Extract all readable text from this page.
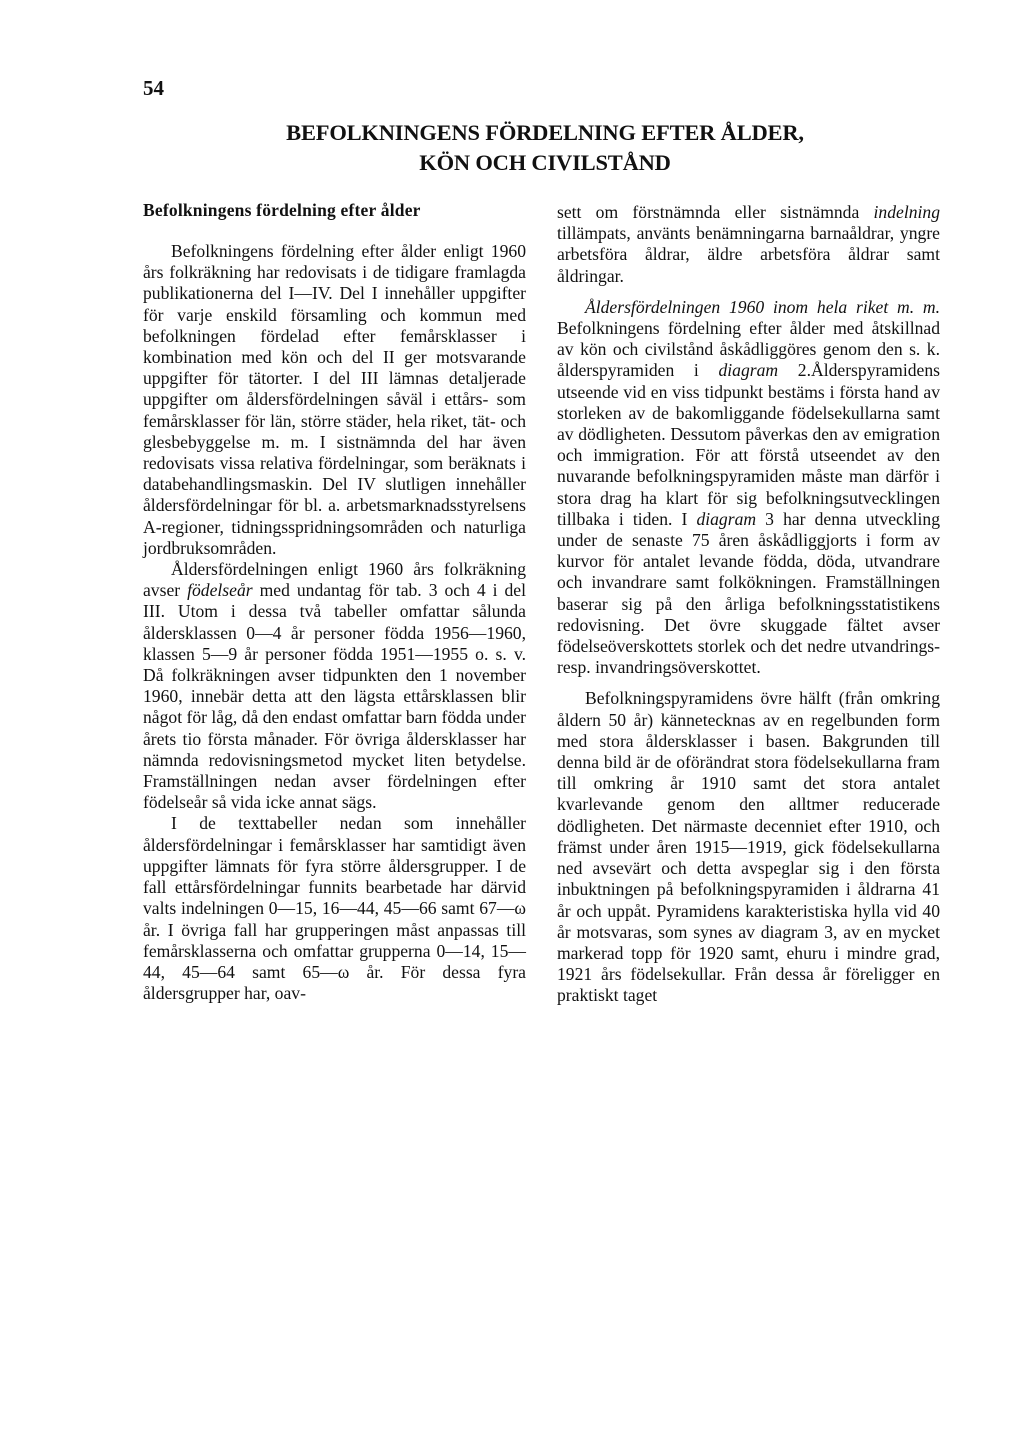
54
BEFOLKNINGENS FÖRDELNING EFTER ÅLDER,
KÖN OCH CIVILSTÅND
Befolkningens fördelning efter ålder

Befolkningens fördelning efter ålder enligt 1960 års folkräkning har redovisats i de tidigare framlagda publikationerna del I—IV. Del I innehåller uppgifter för varje enskild församling och kommun med befolkningen fördelad efter femårsklasser i kombination med kön och del II ger motsvarande uppgifter för tätorter. I del III lämnas detaljerade uppgifter om åldersfördelningen såväl i ettårs- som femårsklasser för län, större städer, hela riket, tät- och glesbebyggelse m. m. I sistnämnda del har även redovisats vissa relativa fördelningar, som beräknats i databehandlingsmaskin. Del IV slutligen innehåller åldersfördelningar för bl. a. arbetsmarknadsstyrelsens A-regioner, tidningsspridningsområden och naturliga jordbruksområden.

Åldersfördelningen enligt 1960 års folkräkning avser födelseår med undantag för tab. 3 och 4 i del III. Utom i dessa två tabeller omfattar sålunda åldersklassen 0—4 år personer födda 1956—1960, klassen 5—9 år personer födda 1951—1955 o. s. v. Då folkräkningen avser tidpunkten den 1 november 1960, innebär detta att den lägsta ettårsklassen blir något för låg, då den endast omfattar barn födda under årets tio första månader. För övriga åldersklasser har nämnda redovisningsmetod mycket liten betydelse. Framställningen nedan avser fördelningen efter födelseår så vida icke annat sägs.

I de texttabeller nedan som innehåller åldersfördelningar i femårsklasser har samtidigt även uppgifter lämnats för fyra större åldersgrupper. I de fall ettårsfördelningar funnits bearbetade har därvid valts indelningen 0—15, 16—44, 45—66 samt 67—ω år. I övriga fall har grupperingen måst anpassas till femårsklasserna och omfattar grupperna 0—14, 15—44, 45—64 samt 65—ω år. För dessa fyra åldersgrupper har, oav-

sett om förstnämnda eller sistnämnda indelning tillämpats, använts benämningarna barnaåldrar, yngre arbetsföra åldrar, äldre arbetsföra åldrar samt åldringar.

Åldersfördelningen 1960 inom hela riket m. m. Befolkningens fördelning efter ålder med åtskillnad av kön och civilstånd åskådliggöres genom den s. k. ålderspyramiden i diagram 2.Ålderspyramidens utseende vid en viss tidpunkt bestäms i första hand av storleken av de bakomliggande födelsekullarna samt av dödligheten. Dessutom påverkas den av emigration och immigration. För att förstå utseendet av den nuvarande befolkningspyramiden måste man därför i stora drag ha klart för sig befolkningsutvecklingen tillbaka i tiden. I diagram 3 har denna utveckling under de senaste 75 åren åskådliggjorts i form av kurvor för antalet levande födda, döda, utvandrare och invandrare samt folkökningen. Framställningen baserar sig på den årliga befolkningsstatistikens redovisning. Det övre skuggade fältet avser födelseöverskottets storlek och det nedre utvandrings- resp. invandringsöverskottet.

Befolkningspyramidens övre hälft (från omkring åldern 50 år) kännetecknas av en regelbunden form med stora åldersklasser i basen. Bakgrunden till denna bild är de oförändrat stora födelsekullarna fram till omkring år 1910 samt det stora antalet kvarlevande genom den alltmer reducerade dödligheten. Det närmaste decenniet efter 1910, och främst under åren 1915—1919, gick födelsekullarna ned avsevärt och detta avspeglar sig i den första inbuktningen på befolkningspyramiden i åldrarna 41 år och uppåt. Pyramidens karakteristiska hylla vid 40 år motsvaras, som synes av diagram 3, av en mycket markerad topp för 1920 samt, ehuru i mindre grad, 1921 års födelsekullar. Från dessa år föreligger en praktiskt taget
